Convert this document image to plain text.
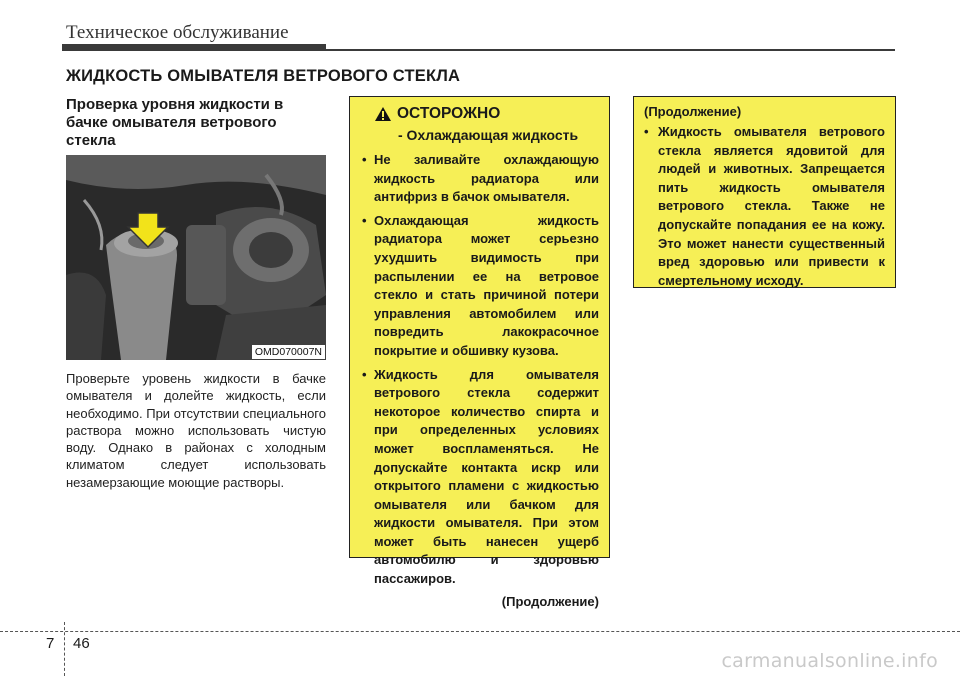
Техническое обслуживание
ЖИДКОСТЬ ОМЫВАТЕЛЯ ВЕТРОВОГО СТЕКЛА
Проверка уровня жидкости в бачке омывателя ветрового стекла
OMD070007N
Проверьте уровень жидкости в бачке омывателя и долейте жидкость, если необходимо. При отсутствии специального раствора можно использовать чистую воду. Однако в районах с холодным климатом следует использовать незамерзающие моющие растворы.
ОСТОРОЖНО
- Охлаждающая жидкость
• Не заливайте охлаждающую жидкость радиатора или антифриз в бачок омывателя.
• Охлаждающая жидкость радиатора может серьезно ухудшить видимость при распылении ее на ветровое стекло и стать причиной потери управления автомобилем или повредить лакокрасочное покрытие и обшивку кузова.
• Жидкость для омывателя ветрового стекла содержит некоторое количество спирта и при определенных условиях может воспламеняться. Не допускайте контакта искр или открытого пламени с жидкостью омывателя или бачком для жидкости омывателя. При этом может быть нанесен ущерб автомобилю и здоровью пассажиров.
(Продолжение)
(Продолжение)
• Жидкость омывателя ветрового стекла является ядовитой для людей и животных. Запрещается пить жидкость омывателя ветрового стекла. Также не допускайте попадания ее на кожу. Это может нанести существенный вред здоровью или привести к смертельному исходу.
7 46
carmanualsonline.info
